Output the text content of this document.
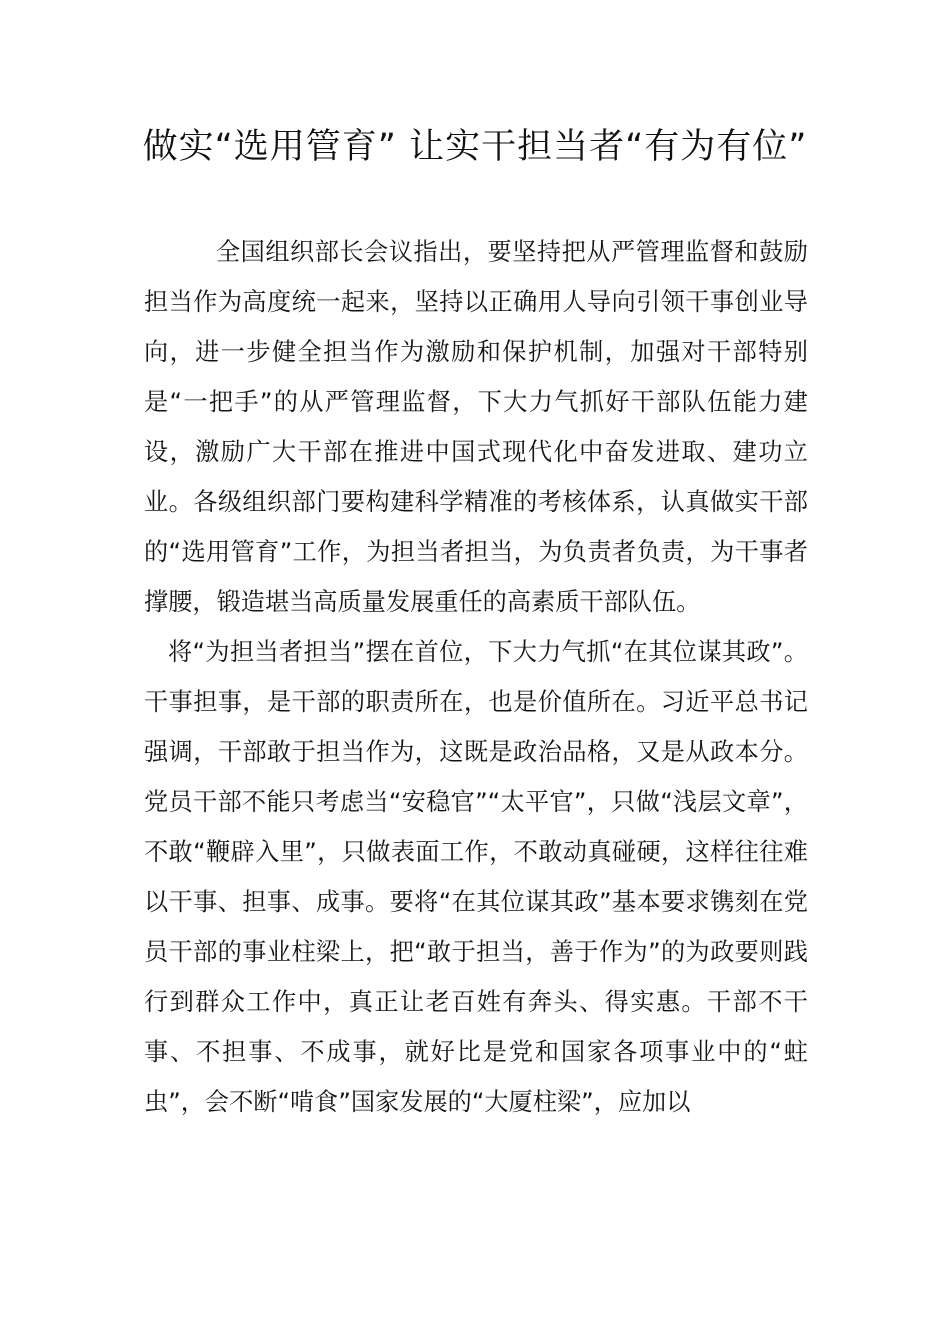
做实“选用管育” 让实干担当者“有为有位”

全国组织部长会议指出，要坚持把从严管理监督和鼓励担当作为高度统一起来，坚持以正确用人导向引领干事创业导向，进一步健全担当作为激励和保护机制，加强对干部特别是“一把手”的从严管理监督，下大力气抓好干部队伍能力建设，激励广大干部在推进中国式现代化中奋发进取、建功立业。各级组织部门要构建科学精准的考核体系，认真做实干部的“选用管育”工作，为担当者担当，为负责者负责，为干事者撑腰，锻造堪当高质量发展重任的高素质干部队伍。

将“为担当者担当”摆在首位，下大力气抓“在其位谋其政”。干事担事，是干部的职责所在，也是价值所在。习近平总书记强调，干部敢于担当作为，这既是政治品格，又是从政本分。党员干部不能只考虑当“安稳官”“太平官”，只做“浅层文章”，不敢“鞭辟入里”，只做表面工作，不敢动真碰硬，这样往往难以干事、担事、成事。要将“在其位谋其政”基本要求镌刻在党员干部的事业柱梁上，把“敢于担当，善于作为”的为政要则践行到群众工作中，真正让老百姓有奔头、得实惠。干部不干事、不担事、不成事，就好比是党和国家各项事业中的“蛀虫”，会不断“啃食”国家发展的“大厦柱梁”，应加以
